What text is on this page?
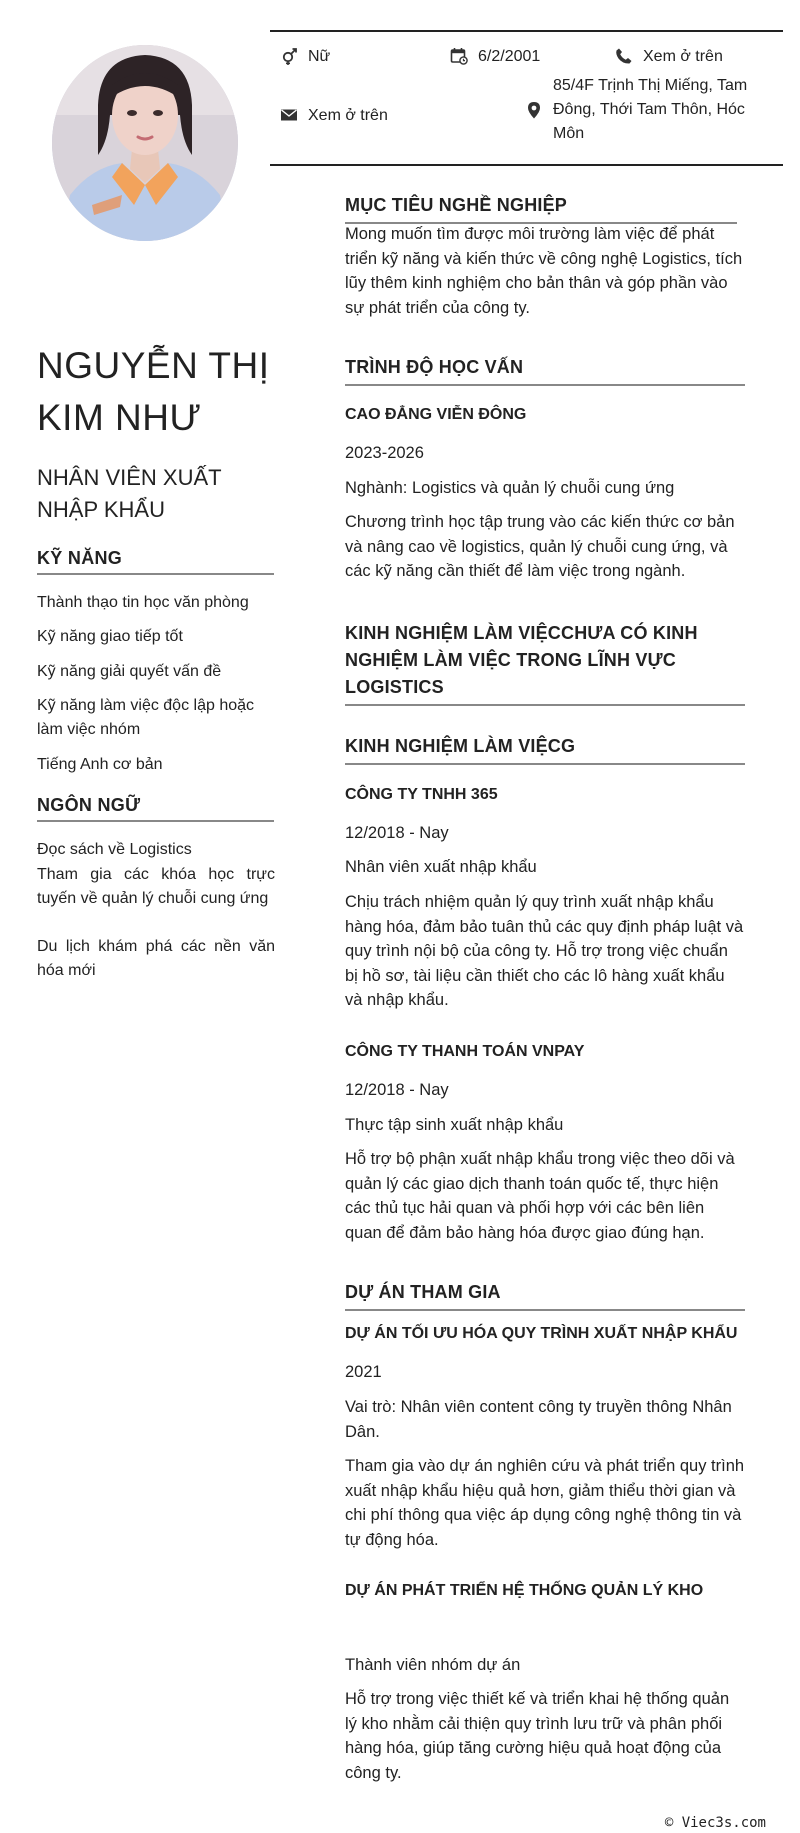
Nữ	6/2/2001	Xem ở trên
Xem ở trên
85/4F Trịnh Thị Miếng, Tam Đông, Thới Tam Thôn, Hóc Môn
NGUYỄN THỊ KIM NHƯ
NHÂN VIÊN XUẤT NHẬP KHẨU
KỸ NĂNG
Thành thạo tin học văn phòng
Kỹ năng giao tiếp tốt
Kỹ năng giải quyết vấn đề
Kỹ năng làm việc độc lập hoặc làm việc nhóm
Tiếng Anh cơ bản
NGÔN NGỮ
Đọc sách về Logistics
Tham gia các khóa học trực tuyến về quản lý chuỗi cung ứng
Du lịch khám phá các nền văn hóa mới
MỤC TIÊU NGHỀ NGHIỆP
Mong muốn tìm được môi trường làm việc để phát triển kỹ năng và kiến thức về công nghệ Logistics, tích lũy thêm kinh nghiệm cho bản thân và góp phần vào sự phát triển của công ty.
TRÌNH ĐỘ HỌC VẤN
CAO ĐẲNG VIỄN ĐÔNG
2023-2026
Nghành: Logistics và quản lý chuỗi cung ứng
Chương trình học tập trung vào các kiến thức cơ bản và nâng cao về logistics, quản lý chuỗi cung ứng, và các kỹ năng cần thiết để làm việc trong ngành.
KINH NGHIỆM LÀM VIỆCCHƯA CÓ KINH NGHIỆM LÀM VIỆC TRONG LĨNH VỰC LOGISTICS
KINH NGHIỆM LÀM VIỆCG
CÔNG TY TNHH 365
12/2018 - Nay
Nhân viên xuất nhập khẩu
Chịu trách nhiệm quản lý quy trình xuất nhập khẩu hàng hóa, đảm bảo tuân thủ các quy định pháp luật và quy trình nội bộ của công ty. Hỗ trợ trong việc chuẩn bị hồ sơ, tài liệu cần thiết cho các lô hàng xuất khẩu và nhập khẩu.
CÔNG TY THANH TOÁN VNPAY
12/2018 - Nay
Thực tập sinh xuất nhập khẩu
Hỗ trợ bộ phận xuất nhập khẩu trong việc theo dõi và quản lý các giao dịch thanh toán quốc tế, thực hiện các thủ tục hải quan và phối hợp với các bên liên quan để đảm bảo hàng hóa được giao đúng hạn.
DỰ ÁN THAM GIA
DỰ ÁN TỐI ƯU HÓA QUY TRÌNH XUẤT NHẬP KHẨU
2021
Vai trò: Nhân viên content công ty truyền thông Nhân Dân.
Tham gia vào dự án nghiên cứu và phát triển quy trình xuất nhập khẩu hiệu quả hơn, giảm thiểu thời gian và chi phí thông qua việc áp dụng công nghệ thông tin và tự động hóa.
DỰ ÁN PHÁT TRIỂN HỆ THỐNG QUẢN LÝ KHO
Thành viên nhóm dự án
Hỗ trợ trong việc thiết kế và triển khai hệ thống quản lý kho nhằm cải thiện quy trình lưu trữ và phân phối hàng hóa, giúp tăng cường hiệu quả hoạt động của công ty.
© Viec3s.com
